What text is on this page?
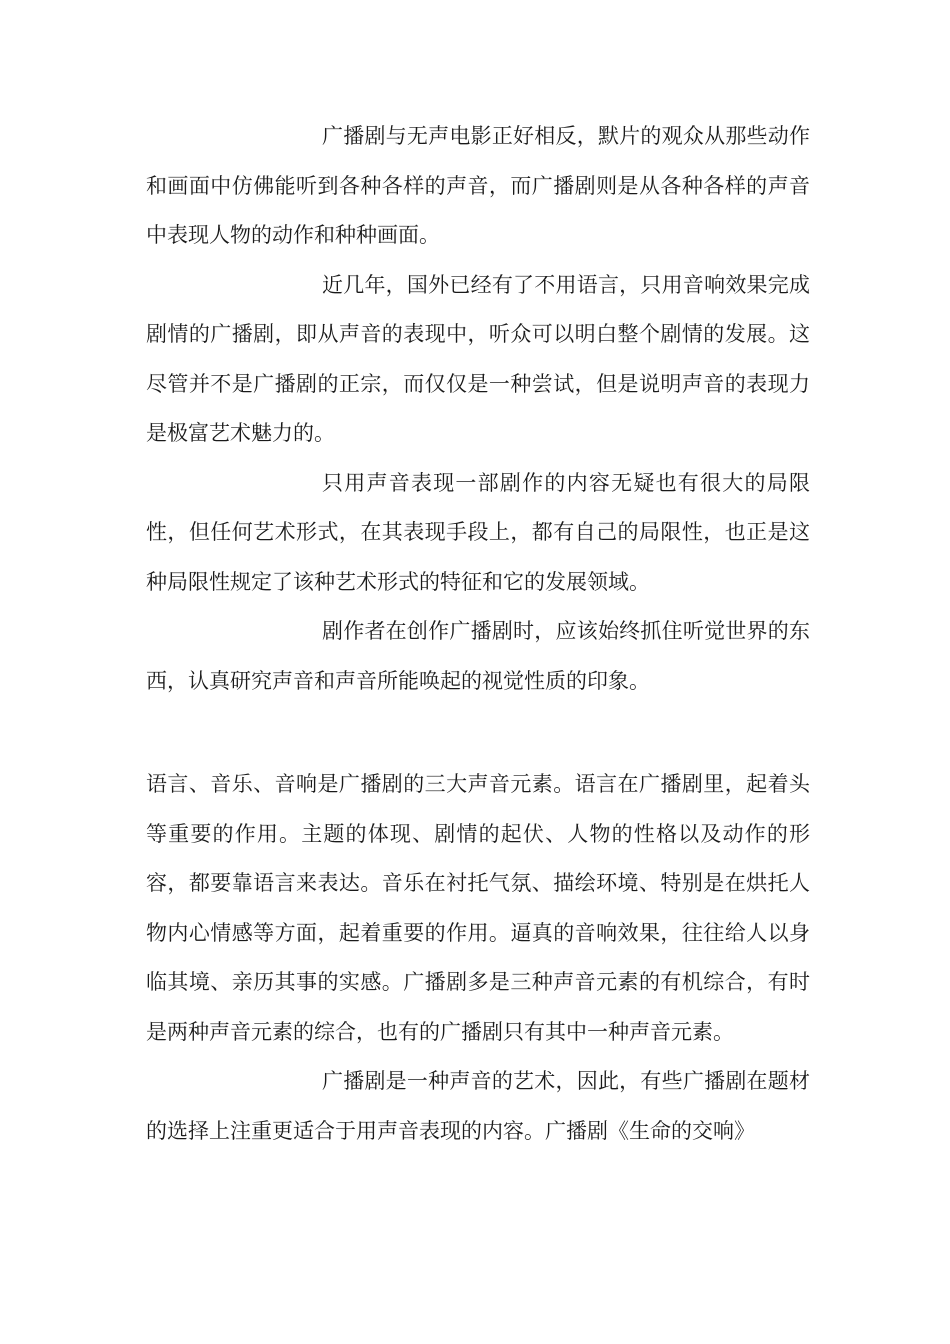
广播剧与无声电影正好相反，默片的观众从那些动作和画面中仿佛能听到各种各样的声音，而广播剧则是从各种各样的声音中表现人物的动作和种种画面。

近几年，国外已经有了不用语言，只用音响效果完成剧情的广播剧，即从声音的表现中，听众可以明白整个剧情的发展。这尽管并不是广播剧的正宗，而仅仅是一种尝试，但是说明声音的表现力是极富艺术魅力的。

只用声音表现一部剧作的内容无疑也有很大的局限性，但任何艺术形式，在其表现手段上，都有自己的局限性，也正是这种局限性规定了该种艺术形式的特征和它的发展领域。

剧作者在创作广播剧时，应该始终抓住听觉世界的东西，认真研究声音和声音所能唤起的视觉性质的印象。

语言、音乐、音响是广播剧的三大声音元素。语言在广播剧里，起着头等重要的作用。主题的体现、剧情的起伏、人物的性格以及动作的形容，都要靠语言来表达。音乐在衬托气氛、描绘环境、特别是在烘托人物内心情感等方面，起着重要的作用。逼真的音响效果，往往给人以身临其境、亲历其事的实感。广播剧多是三种声音元素的有机综合，有时是两种声音元素的综合，也有的广播剧只有其中一种声音元素。

广播剧是一种声音的艺术，因此，有些广播剧在题材的选择上注重更适合于用声音表现的内容。广播剧《生命的交响》
